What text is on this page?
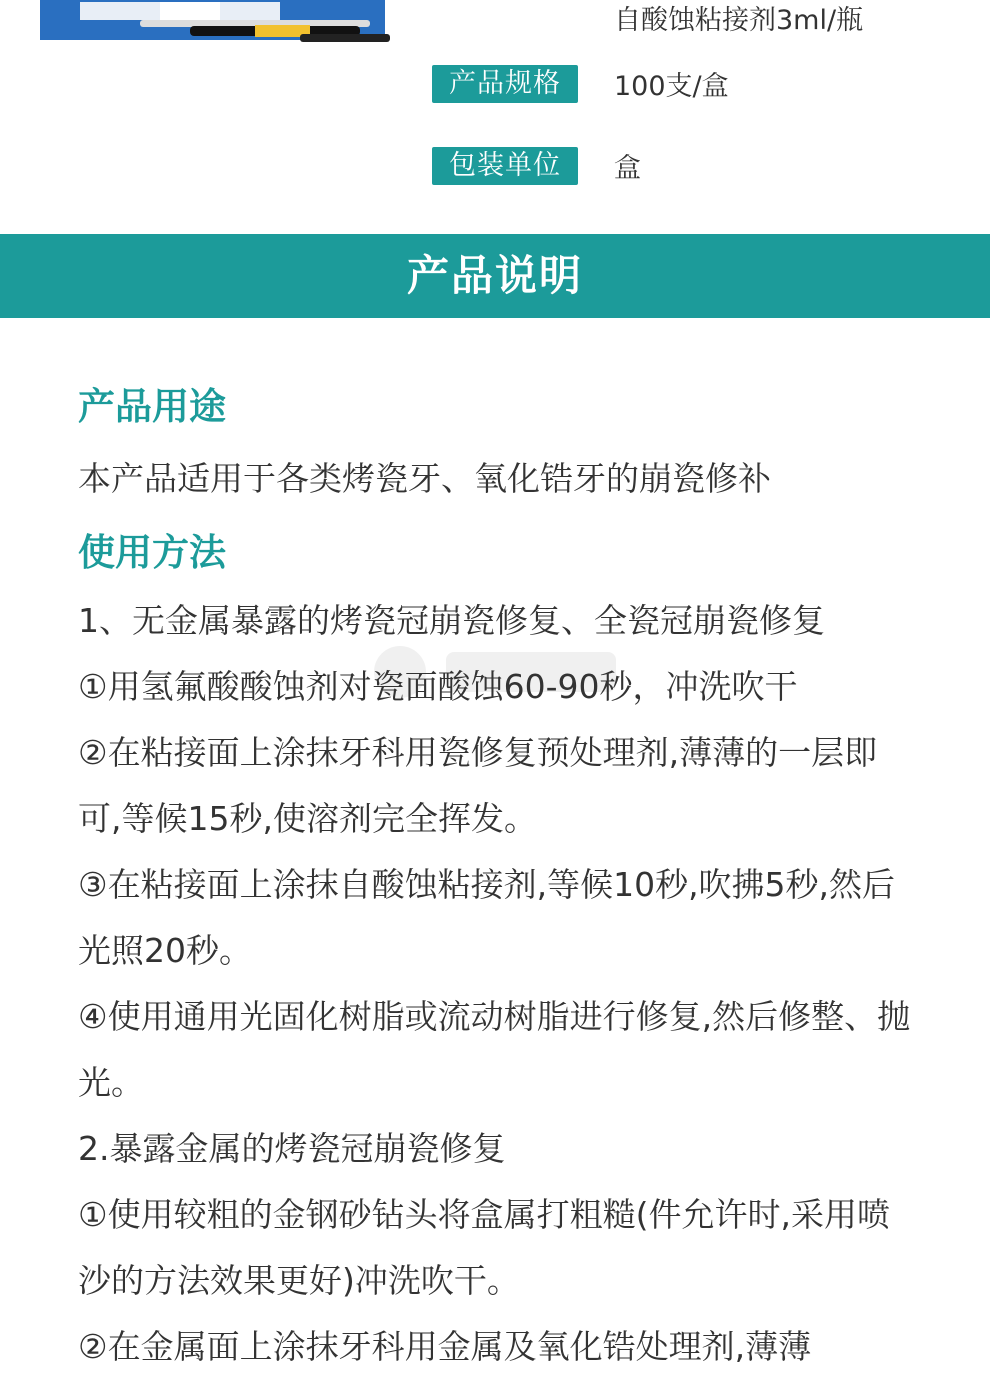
自酸蚀粘接剂3ml/瓶
产品规格	100支/盒
包装单位	盒
产品说明
产品用途
本产品适用于各类烤瓷牙、氧化锆牙的崩瓷修补
使用方法
1、无金属暴露的烤瓷冠崩瓷修复、全瓷冠崩瓷修复
①用氢氟酸酸蚀剂对瓷面酸蚀60-90秒，冲洗吹干
②在粘接面上涂抹牙科用瓷修复预处理剂,薄薄的一层即可,等候15秒,使溶剂完全挥发。
③在粘接面上涂抹自酸蚀粘接剂,等候10秒,吹拂5秒,然后光照20秒。
④使用通用光固化树脂或流动树脂进行修复,然后修整、抛光。
2.暴露金属的烤瓷冠崩瓷修复
①使用较粗的金钢砂钻头将盒属打粗糙(件允许时,采用喷沙的方法效果更好)冲洗吹干。
②在金属面上涂抹牙科用金属及氧化锆处理剂,薄薄
